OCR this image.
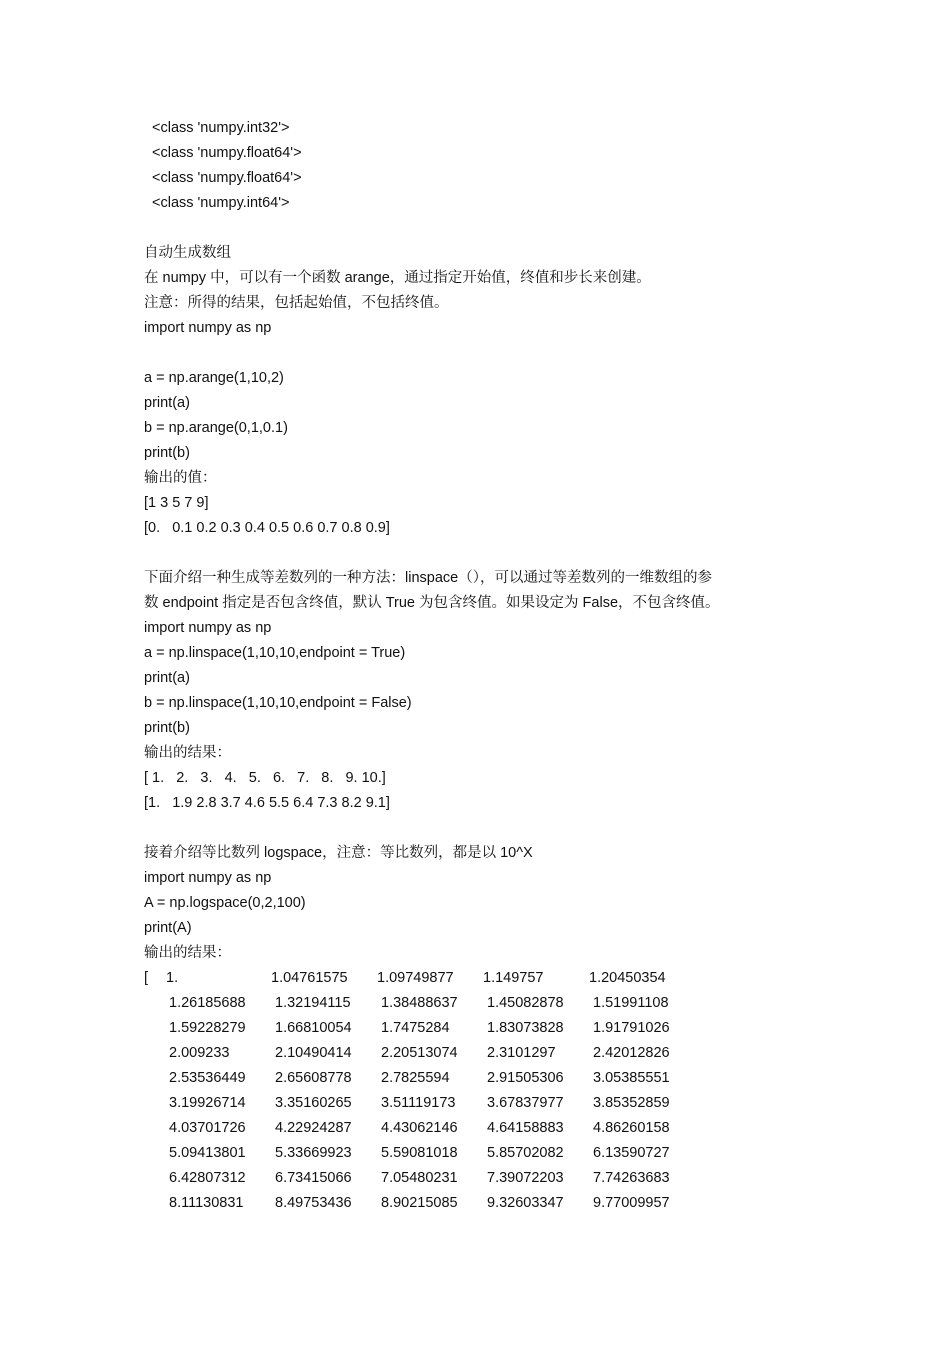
<class 'numpy.int32'>
<class 'numpy.float64'>
<class 'numpy.float64'>
<class 'numpy.int64'>
自动生成数组
在 numpy 中，可以有一个函数 arange，通过指定开始值，终值和步长来创建。
注意：所得的结果，包括起始值，不包括终值。
import numpy as np
a = np.arange(1,10,2)
print(a)
b = np.arange(0,1,0.1)
print(b)
输出的值：
[1 3 5 7 9]
[0.   0.1 0.2 0.3 0.4 0.5 0.6 0.7 0.8 0.9]
下面介绍一种生成等差数列的一种方法：linspace（），可以通过等差数列的一维数组的参
数 endpoint 指定是否包含终值，默认 True 为包含终值。如果设定为 False，不包含终值。
import numpy as np
a = np.linspace(1,10,10,endpoint = True)
print(a)
b = np.linspace(1,10,10,endpoint = False)
print(b)
输出的结果：
[ 1.   2.   3.   4.   5.   6.   7.   8.   9. 10.]
[1.   1.9 2.8 3.7 4.6 5.5 6.4 7.3 8.2 9.1]
接着介绍等比数列 logspace，注意：等比数列，都是以 10^X
import numpy as np
A = np.logspace(0,2,100)
print(A)
输出的结果：
[ 1.	1.04761575 1.09749877 1.149757	1.20450354
1.26185688 1.32194115 1.38488637 1.45082878 1.51991108
1.59228279 1.66810054 1.7475284	1.83073828 1.91791026
2.009233	2.10490414 2.20513074 2.3101297	2.42012826
2.53536449 2.65608778 2.7825594	2.91505306 3.05385551
3.19926714 3.35160265 3.51119173 3.67837977 3.85352859
4.03701726 4.22924287 4.43062146 4.64158883 4.86260158
5.09413801 5.33669923 5.59081018 5.85702082 6.13590727
6.42807312 6.73415066 7.05480231 7.39072203 7.74263683
8.11130831 8.49753436 8.90215085 9.32603347 9.77009957
